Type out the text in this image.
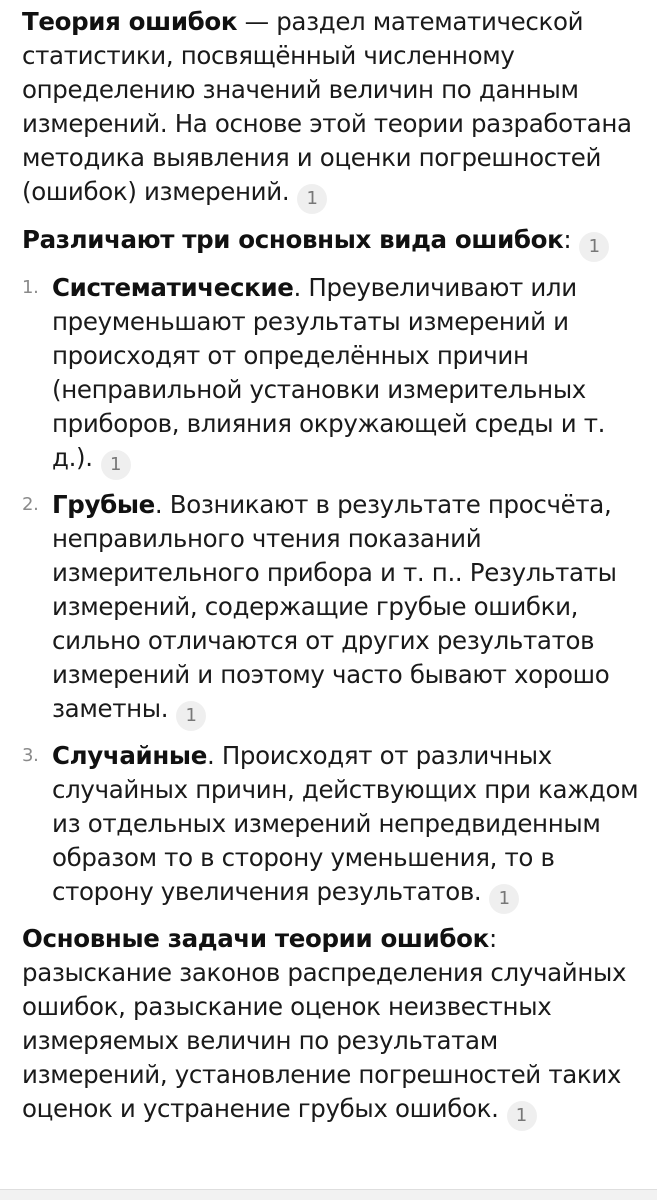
Теория ошибок — раздел математической статистики, посвящённый численному определению значений величин по данным измерений. На основе этой теории разработана методика выявления и оценки погрешностей (ошибок) измерений. 1

Различают три основных вида ошибок: 1

1. Систематические. Преувеличивают или преуменьшают результаты измерений и происходят от определённых причин (неправильной установки измерительных приборов, влияния окружающей среды и т. д.). 1
2. Грубые. Возникают в результате просчёта, неправильного чтения показаний измерительного прибора и т. п.. Результаты измерений, содержащие грубые ошибки, сильно отличаются от других результатов измерений и поэтому часто бывают хорошо заметны. 1
3. Случайные. Происходят от различных случайных причин, действующих при каждом из отдельных измерений непредвиденным образом то в сторону уменьшения, то в сторону увеличения результатов. 1

Основные задачи теории ошибок: разыскание законов распределения случайных ошибок, разыскание оценок неизвестных измеряемых величин по результатам измерений, установление погрешностей таких оценок и устранение грубых ошибок. 1
